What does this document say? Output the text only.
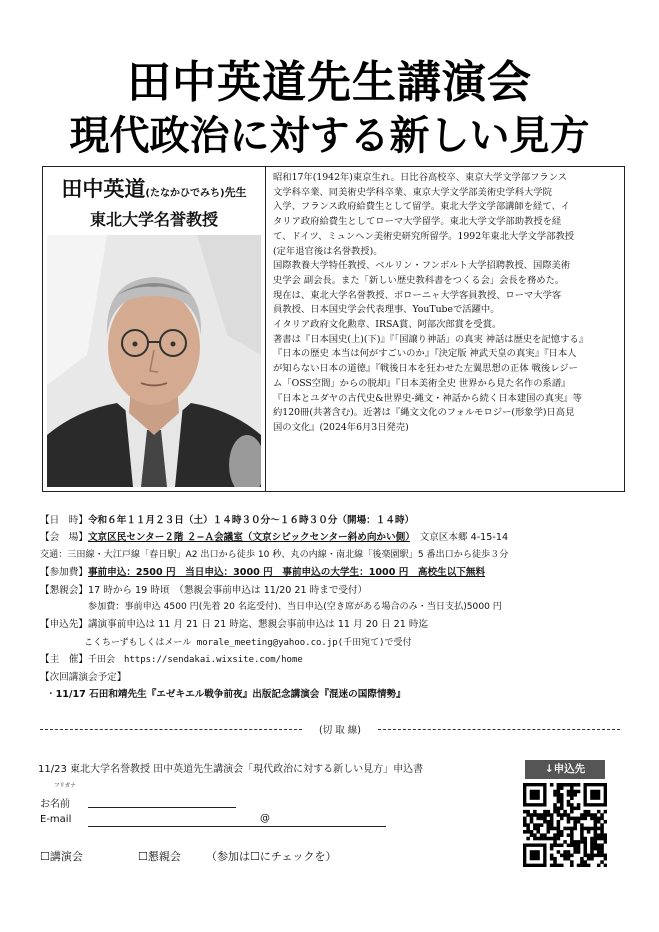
田中英道先生講演会
現代政治に対する新しい見方
田中英道(たなかひでみち)先生
東北大学名誉教授

昭和17年(1942年)東京生れ。日比谷高校卒、東京大学文学部フランス

文学科卒業、同美術史学科卒業、東京大学文学部美術史学科大学院

入学、フランス政府給費生として留学。東北大学文学部講師を経て、イ

タリア政府給費生としてローマ大学留学。東北大学文学部助教授を経

て、ドイツ、ミュンヘン美術史研究所留学。1992年東北大学文学部教授

(定年退官後は名誉教授)。

国際教養大学特任教授、ベルリン・フンボルト大学招聘教授、国際美術

史学会 副会長。また「新しい歴史教科書をつくる会」会長を務めた。

現在は、東北大学名誉教授、ボローニャ大学客員教授、ローマ大学客

員教授、日本国史学会代表理事、YouTubeで活躍中。

イタリア政府文化勲章、IRSA賞、阿部次郎賞を受賞。

著書は『日本国史(上)(下)』『「国譲り神話」の真実 神話は歴史を記憶する』

『日本の歴史 本当は何がすごいのか』『決定版 神武天皇の真実』『日本人

が知らない日本の道徳』『戦後日本を狂わせた左翼思想の正体 戦後レジー

ム「OSS空間」からの脱却』『日本美術全史 世界から見た名作の系譜』

『日本とユダヤの古代史&世界史-縄文・神話から続く日本建国の真実』等

約120冊(共著含む)。近著は『縄文文化のフォルモロジー(形象学)日高見

国の文化』(2024年6月3日発売)

【日　時】令和６年１１月２３日（土）１４時３０分～１６時３０分（開場：１４時）
【会　場】文京区民センター２階 ２−Ａ会議室（文京シビックセンター斜め向かい側）　 文京区本郷 4-15-14
交通：三田線・大江戸線「春日駅」A2 出口から徒歩 10 秒、丸の内線・南北線「後楽園駅」5 番出口から徒歩３分
【参加費】事前申込：2500 円　当日申込：3000 円　事前申込の大学生：1000 円　高校生以下無料
【懇親会】17 時から 19 時頃　（懇親会事前申込は 11/20 21 時まで受付）
参加費：事前申込 4500 円(先着 20 名迄受付)、当日申込(空き席がある場合のみ・当日支払)5000 円
【申込先】講演事前申込は 11 月 21 日 21 時迄、懇親会事前申込は 11 月 20 日 21 時迄
こくちーずもしくはメール morale_meeting@yahoo.co.jp(千田宛て)で受付
【主　催】千田会　https://sendakai.wixsite.com/home
【次回講演会予定】
・11/17 石田和靖先生『エゼキエル戦争前夜』出版記念講演会『混迷の国際情勢』
(切 取 線)
11/23 東北大学名誉教授 田中英道先生講演会「現代政治に対する新しい見方」申込書
フリガナ
お名前
E-mail	@
☐講演会	☐懇親会 （参加は☐にチェックを）
↓申込先
